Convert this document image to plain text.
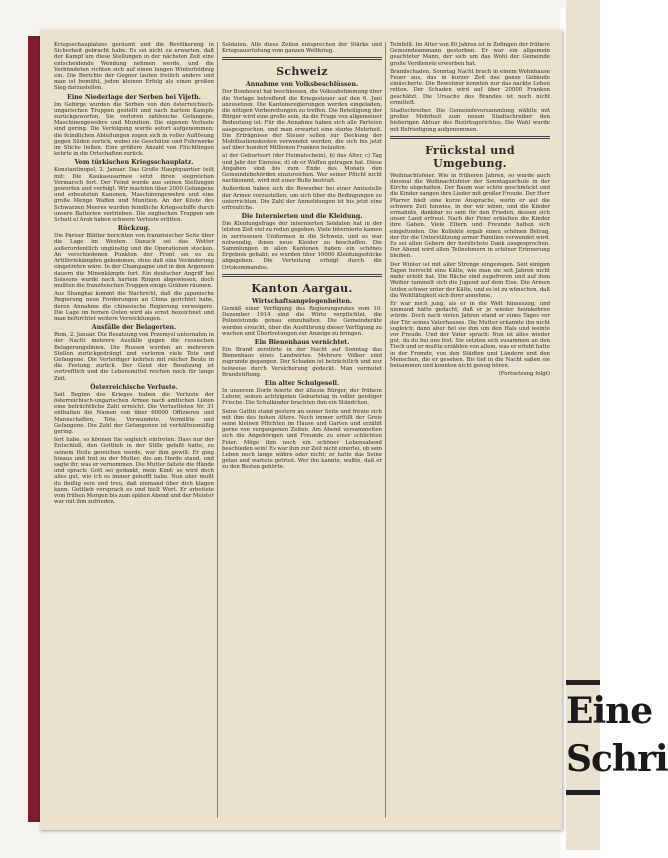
Eine
Schri

Kriegsschauplatzes geräumt und die Bevölkerung in Sicherheit gebracht habe. Es sei nicht zu erwarten, daß der Kampf um diese Stellungen in der nächsten Zeit eine entscheidende Wendung nehmen werde, und die Verbündeten richten sich auf einen langen Winterfeldzug ein. Die Berichte der Gegner lauten freilich anders und man ist bemüht, jeden kleinen Erfolg als einen großen Sieg darzustellen.

Eine Niederlage der Serben bei Vijeth.

Im Gebirge wurden die Serben von den österreichisch-ungarischen Truppen gestellt und nach hartem Kampfe zurückgeworfen. Sie verloren zahlreiche Gefangene, Maschinengewehre und Munition. Die eigenen Verluste sind gering. Die Verfolgung wurde sofort aufgenommen; die feindlichen Abteilungen zogen sich in voller Auflösung gegen Süden zurück, wobei sie Geschütze und Fuhrwerke im Stiche ließen. Eine größere Anzahl von Flüchtlingen kehrte in die Ortschaften zurück.

Vom türkischen Kriegsschauplatz.

Konstantinopel, 2. Januar. Das Große Hauptquartier teilt mit: Die Kaukasusarmee setzt ihren siegreichen Vormarsch fort. Der Feind wurde aus seinen Stellungen geworfen und verfolgt. Wir machten über 2000 Gefangene und erbeuteten Kanonen, Maschinengewehre und eine große Menge Waffen und Munition. An der Küste des Schwarzen Meeres wurden feindliche Kriegsschiffe durch unsere Batterien vertrieben. Die englischen Truppen am Schatt el Arab haben schwere Verluste erlitten.

Rückzug.

Die Pariser Blätter berichten von französischer Seite über die Lage im Westen. Danach sei das Wetter außerordentlich ungünstig und die Operationen stocken. An verschiedenen Punkten der Front sei es zu Artilleriekämpfen gekommen, ohne daß eine Veränderung eingetreten wäre. In der Champagne und in den Argonnen dauern die Minenkämpfe fort. Ein deutscher Angriff bei Soissons wurde nach hartem Ringen abgewiesen, doch mußten die französischen Truppen einige Gräben räumen.

Aus Shanghai kommt die Nachricht, daß die japanische Regierung neue Forderungen an China gerichtet habe, deren Annahme die chinesische Regierung verweigere. Die Lage im fernen Osten wird als ernst bezeichnet und man befürchtet weitere Verwicklungen.

Ausfälle der Belagerten.

Rom, 2. Januar. Die Besatzung von Przemysl unternahm in der Nacht mehrere Ausfälle gegen die russischen Belagerungslinien. Die Russen wurden an mehreren Stellen zurückgedrängt und verloren viele Tote und Gefangene. Die Verteidiger kehrten mit reicher Beute in die Festung zurück. Der Geist der Besatzung ist vortrefflich und die Lebensmittel reichen noch für lange Zeit.

Österreichische Verluste.

Seit Beginn des Krieges haben die Verluste der österreichisch-ungarischen Armee nach amtlichen Listen eine beträchtliche Zahl erreicht. Die Verlustlisten Nr. 31 enthalten die Namen von über 60000 Offizieren und Mannschaften, Tote, Verwundete, Vermißte und Gefangene. Die Zahl der Gefangenen ist verhältnismäßig gering.

fort habe, so können Sie sogleich eintreten. Dass nur der Entschluß, den Gottlieb in der Stille gefaßt hatte, zu seinem Heile gereichen werde, war ihm gewiß. Er ging hinaus und trat zu der Mutter, die am Herde stand, und sagte ihr, was er vernommen. Die Mutter faltete die Hände und sprach: Gott sei gedankt, mein Kind; so wird doch alles gut, wie ich es immer gehofft habe. Nun aber mußt du fleißig sein und treu, daß niemand über dich klagen kann. Gottlieb versprach es und hielt Wort. Er arbeitete vom frühen Morgen bis zum späten Abend und der Meister war mit ihm zufrieden.

Soldaten. Alle diese Zeilen entsprechen der Stärke und Kriegsausrüstung vom ganzen Weltkrieg.

Schweiz

Annahme von Volksbeschlüssen.

Der Bundesrat hat beschlossen, die Volksabstimmung über die Vorlage betreffend die Kriegssteuer auf den 6. Juni anzusetzen. Die Kantonsregierungen werden eingeladen, die nötigen Vorbereitungen zu treffen. Die Beteiligung der Bürger wird eine große sein, da die Frage von allgemeiner Bedeutung ist. Für die Annahme haben sich alle Parteien ausgesprochen, und man erwartet eine starke Mehrheit. Die Erträgnisse der Steuer sollen zur Deckung der Mobilisationskosten verwendet werden, die sich bis jetzt auf über hundert Millionen Franken belaufen.

a) der Geburtsort (der Heimatschein), b) das Alter, c) Tag und Jahr der Einreise, d) ob er Waffen getragen hat. Diese Angaben sind bis zum Ende des Monats den Gemeindebehörden einzureichen. Wer seiner Pflicht nicht nachkommt, wird mit einer Buße bestraft.

Außerdem haben sich die Bewerber bei einer Amtsstelle der Armee vorzustellen, um sich über die Bedingungen zu unterrichten. Die Zahl der Anmeldungen ist bis jetzt eine erfreuliche.

Die Internierten und die Kleidung.

Die Kleidungsfrage der internierten Soldaten hat in der letzten Zeit viel zu reden gegeben. Viele Internierte kamen in zerrissenen Uniformen in die Schweiz, und es war notwendig, ihnen neue Kleider zu beschaffen. Die Sammlungen in allen Kantonen haben ein schönes Ergebnis gehabt; es wurden über 10000 Kleidungsstücke abgegeben. Die Verteilung erfolgt durch die Ortskommandos.

Kanton Aargau.

Wirtschaftsangelegenheiten.

Gemäß einer Verfügung des Regierungsrates vom 10. Dezember 1914 sind die Wirte verpflichtet, die Polizeistunde genau einzuhalten. Die Gemeinderäte werden ersucht, über die Ausführung dieser Verfügung zu wachen und Übertretungen zur Anzeige zu bringen.

Ein Bienenhaus vernichtet.

Ein Brand zerstörte in der Nacht auf Sonntag das Bienenhaus eines Landwirtes. Mehrere Völker sind zugrunde gegangen. Der Schaden ist beträchtlich und nur teilweise durch Versicherung gedeckt. Man vermutet Brandstiftung.

Ein alter Schulgesell.

In unserem Dorfe feierte der älteste Bürger, der frühere Lehrer, seinen achtzigsten Geburtstag in voller geistiger Frische. Die Schulkinder brachten ihm ein Ständchen.

Seine Gattin stand gestern an seiner Seite und freute sich mit ihm des hohen Alters. Noch immer erfüllt der Greis seine kleinen Pflichten im Hause und Garten und erzählt gerne von vergangenen Zeiten. Am Abend versammelten sich die Angehörigen und Freunde zu einer schlichten Feier. Möge ihm noch ein schöner Lebensabend beschieden sein! Es war ihm zur Zeit nicht einerlei, ob sein Leben noch lange währe oder nicht; er hatte das Seine getan und wartete getrost. Wer ihn kannte, wußte, daß er zu den Besten gehörte.

Teinfelß. Im Alter von 80 Jahren ist in Zofingen der frühere Gemeindeammann gestorben. Er war ein allgemein geachteter Mann, der sich um das Wohl der Gemeinde große Verdienste erworben hat.

Brandschaden. Sonntag Nacht brach in einem Wohnhause Feuer aus, das in kurzer Zeit das ganze Gebäude einäscherte. Die Bewohner konnten nur das nackte Leben retten. Der Schaden wird auf über 20000 Franken geschätzt. Die Ursache des Brandes ist noch nicht ermittelt.

Stadtschreiber. Die Gemeindeversammlung wählte mit großer Mehrheit zum neuen Stadtschreiber den bisherigen Aktuar des Bezirksgerichtes. Die Wahl wurde mit Befriedigung aufgenommen.

Frückstal und Umgebung.

Weihnachtsfeier. Wie in früheren Jahren, so wurde auch diesmal die Weihnachtsfeier der Sonntagsschule in der Kirche abgehalten. Der Baum war schön geschmückt und die Kinder sangen ihre Lieder mit großer Freude. Der Herr Pfarrer hielt eine kurze Ansprache, worin er auf die schwere Zeit hinwies, in der wir leben, und die Kinder ermahnte, dankbar zu sein für den Frieden, dessen sich unser Land erfreut. Nach der Feier erhielten die Kinder ihre Gaben. Viele Eltern und Freunde hatten sich eingefunden. Die Kollekte ergab einen schönen Betrag, der für die Unterstützung armer Familien verwendet wird. Es sei allen Gebern der herzlichste Dank ausgesprochen. Der Abend wird allen Teilnehmern in schöner Erinnerung bleiben.

Der Winter ist mit aller Strenge eingezogen. Seit einigen Tagen herrscht eine Kälte, wie man sie seit Jahren nicht mehr erlebt hat. Die Bäche sind zugefroren und auf dem Weiher tummelt sich die Jugend auf dem Eise. Die Armen leiden schwer unter der Kälte, und es ist zu wünschen, daß die Wohltätigkeit sich ihrer annehme.

Er war noch jung, als er in die Welt hinauszog, und niemand hätte gedacht, daß er je wieder heimkehren würde. Doch nach vielen Jahren stand er eines Tages vor der Tür seines Vaterhauses. Die Mutter erkannte ihn nicht sogleich; dann aber fiel sie ihm um den Hals und weinte vor Freude. Und der Vater sprach: Nun ist alles wieder gut, da du bei uns bist. Sie setzten sich zusammen an den Tisch und er mußte erzählen von allem, was er erlebt hatte in der Fremde, von den Städten und Ländern und den Menschen, die er gesehen. Bis tief in die Nacht saßen sie beisammen und konnten nicht genug hören.

(Fortsetzung folgt)
